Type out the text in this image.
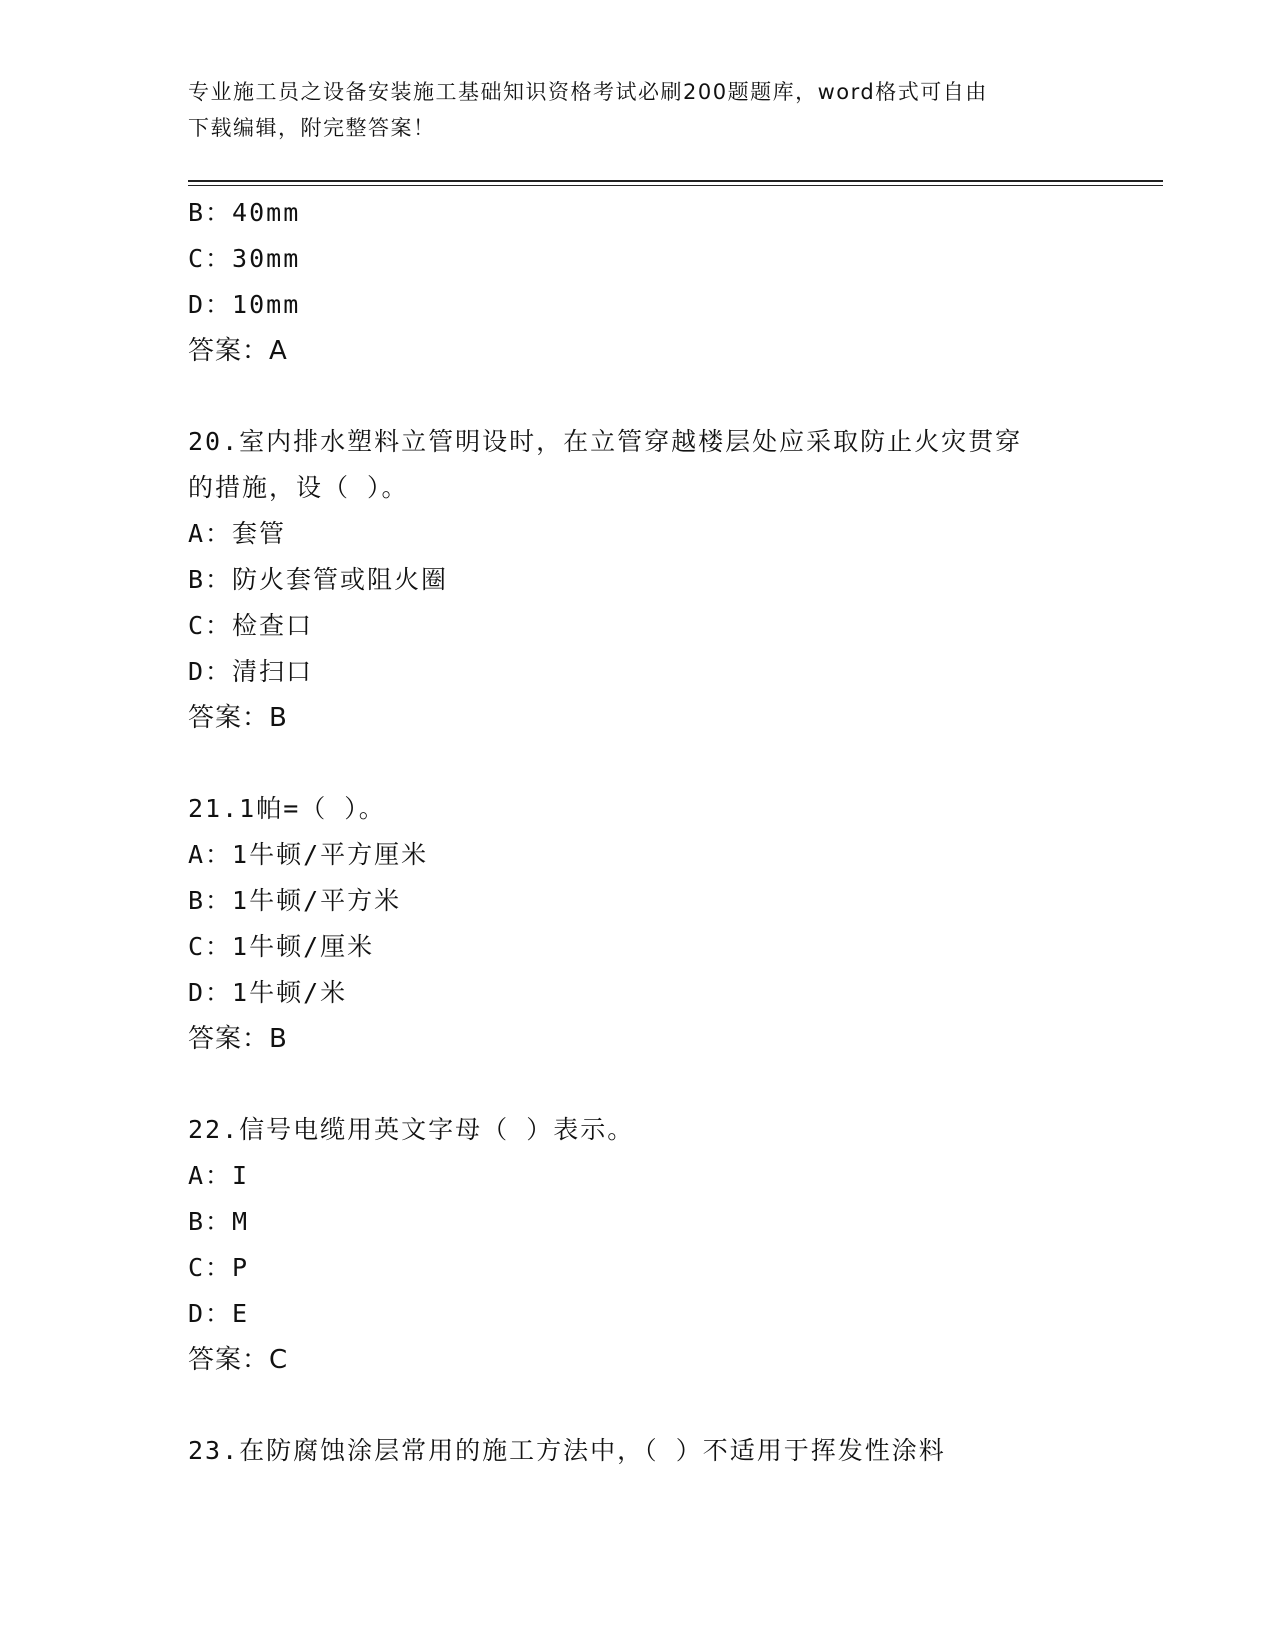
专业施工员之设备安装施工基础知识资格考试必刷200题题库，word格式可自由
下载编辑，附完整答案！
B：40mm
C：30mm
D：10mm
答案：A
20.室内排水塑料立管明设时，在立管穿越楼层处应采取防止火灾贯穿
的措施，设（ ）。
A：套管
B：防火套管或阻火圈
C：检查口
D：清扫口
答案：B
21.1帕=（ ）。
A：1牛顿/平方厘米
B：1牛顿/平方米
C：1牛顿/厘米
D：1牛顿/米
答案：B
22.信号电缆用英文字母（ ）表示。
A：I
B：M
C：P
D：E
答案：C
23.在防腐蚀涂层常用的施工方法中，（ ）不适用于挥发性涂料
